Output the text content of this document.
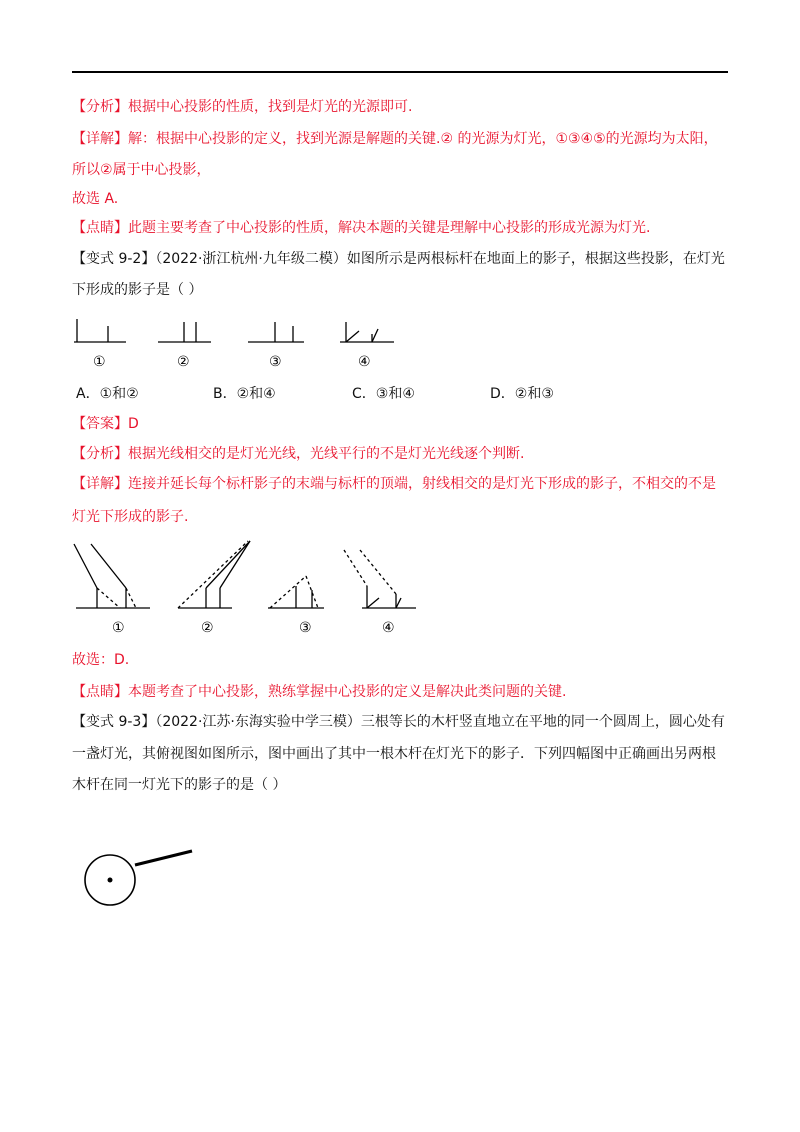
【分析】根据中心投影的性质，找到是灯光的光源即可.
【详解】解：根据中心投影的定义，找到光源是解题的关键.② 的光源为灯光，①③④⑤的光源均为太阳，
所以②属于中心投影，
故选 A.
【点睛】此题主要考查了中心投影的性质，解决本题的关键是理解中心投影的形成光源为灯光.
【变式 9-2】（2022·浙江杭州·九年级二模）如图所示是两根标杆在地面上的影子，根据这些投影，在灯光
下形成的影子是（ ）
①	②	③	④
A．①和②	B．②和④	C．③和④	D．②和③
【答案】D
【分析】根据光线相交的是灯光光线，光线平行的不是灯光光线逐个判断.
【详解】连接并延长每个标杆影子的末端与标杆的顶端，射线相交的是灯光下形成的影子，不相交的不是
灯光下形成的影子.
①	②	③	④
故选：D.
【点睛】本题考查了中心投影，熟练掌握中心投影的定义是解决此类问题的关键.
【变式 9-3】（2022·江苏·东海实验中学三模）三根等长的木杆竖直地立在平地的同一个圆周上，圆心处有
一盏灯光，其俯视图如图所示，图中画出了其中一根木杆在灯光下的影子．下列四幅图中正确画出另两根
木杆在同一灯光下的影子的是（ ）
